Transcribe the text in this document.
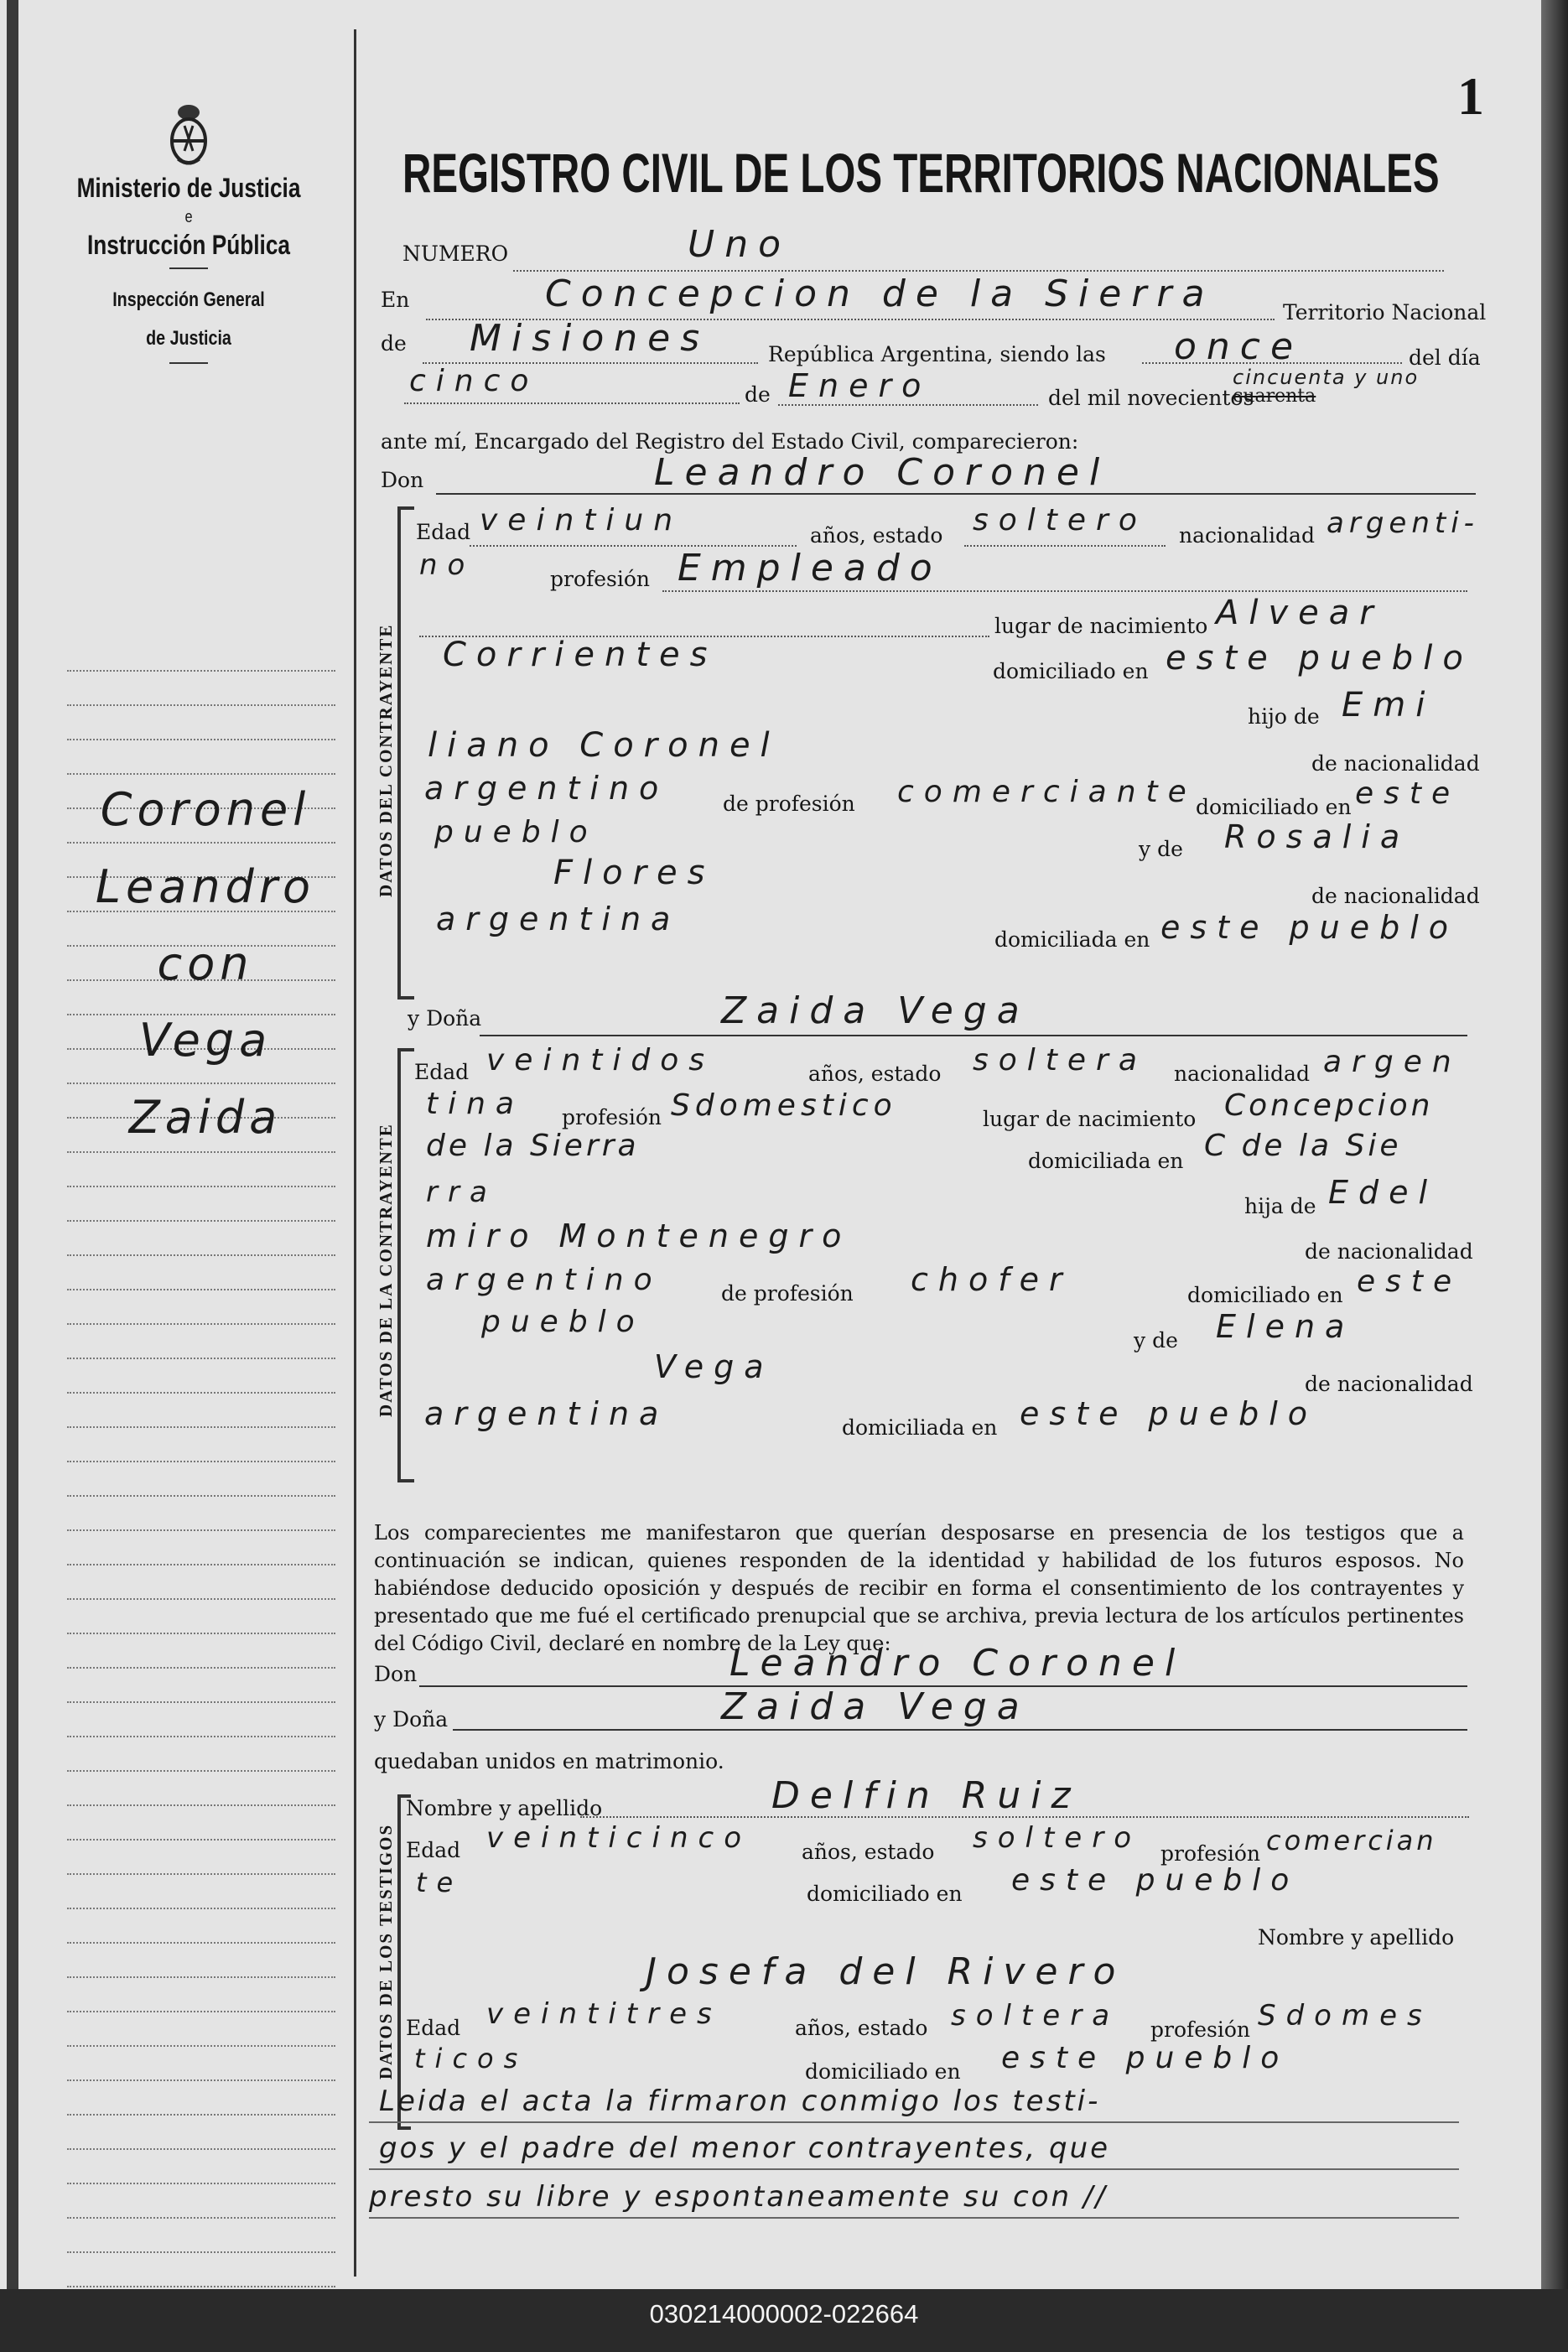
Ministerio de Justicia
e
Instrucción Pública
Inspección General
de Justicia
Coronel
Leandro
con
Vega
Zaida
1
REGISTRO CIVIL DE LOS TERRITORIOS NACIONALES
NUMERO	Uno
En	Concepcion de la Sierra	Territorio Nacional
de Misiones	República Argentina, siendo las once	del día
cinco	de Enero	del mil novecientos
cuarenta
cincuenta y uno
ante mí, Encargado del Registro del Estado Civil, comparecieron:
Don	Leandro Coronel
DATOS DEL CONTRAYENTE
Edad veintiun	años, estado soltero nacionalidad argenti-
no	profesión Empleado
lugar de nacimiento Alvear
Corrientes	domiciliado en este pueblo
hijo de Emi
liano Coronel	de nacionalidad
argentino	de profesión comerciante domiciliado en este
pueblo	y de Rosalia
Flores
de nacionalidad
argentina
domiciliada en este pueblo
y Doña	Zaida Vega
DATOS DE LA CONTRAYENTE
Edad veintidos	años, estado soltera nacionalidad argen
tina profesión Sdomestico	lugar de nacimiento Concepcion
de la Sierra	domiciliada en C de la Sie
rra	hija de Edel
miro Montenegro	de nacionalidad
argentino	de profesión chofer	domiciliado en este
pueblo
y de Elena
Vega	de nacionalidad
argentina	domiciliada en este pueblo
Los comparecientes me manifestaron que querían desposarse en presencia de los testigos que a continuación se indican, quienes responden de la identidad y habilidad de los futuros esposos. No habiéndose deducido oposición y después de recibir en forma el consentimiento de los contrayentes y presentado que me fué el certificado prenupcial que se archiva, previa lectura de los artículos pertinentes del Código Civil, declaré en nombre de la Ley que:
Don	Leandro Coronel
y Doña	Zaida Vega
quedaban unidos en matrimonio.
DATOS DE LOS TESTIGOS
Nombre y apellido	Delfin Ruiz
Edad veinticinco años, estado soltero profesión comercian
te	domiciliado en este pueblo
Nombre y apellido
Josefa del Rivero
Edad veintitres	años, estado soltera profesión Sdomes
ticos	domiciliado en este pueblo
Leida el acta la firmaron conmigo los testi-
gos y el padre del menor contrayentes, que
presto su libre y espontaneamente su con //
030214000002-022664
